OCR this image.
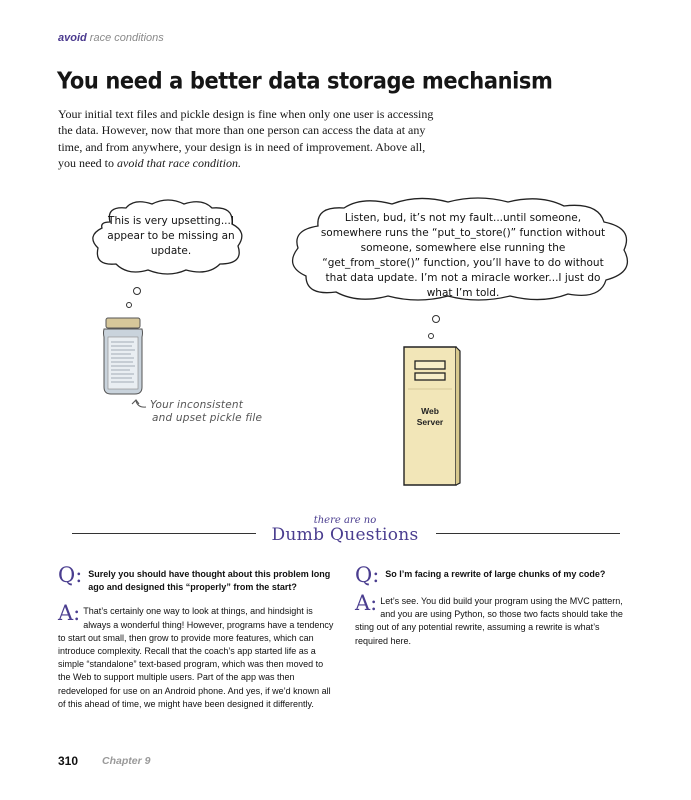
avoid race conditions
You need a better data storage mechanism

Your initial text files and pickle design is fine when only one user is accessing the data. However, now that more than one person can access the data at any time, and from anywhere, your design is in need of improvement. Above all, you need to avoid that race condition.

This is very upsetting...I appear to be missing an update.
Listen, bud, it’s not my fault...until someone, somewhere runs the “put_to_store()” function without someone, somewhere else running the “get_from_store()” function, you’ll have to do without that data update. I’m not a miracle worker...I just do what I’m told.
Your inconsistent
and upset pickle file
Web
Server
there are no
Dumb Questions
Q: Surely you should have thought about this problem long ago and designed this “properly” from the start?
A: That’s certainly one way to look at things, and hindsight is always a wonderful thing! However, programs have a tendency to start out small, then grow to provide more features, which can introduce complexity. Recall that the coach’s app started life as a simple “standalone” text-based program, which was then moved to the Web to support multiple users. Part of the app was then redeveloped for use on an Android phone. And yes, if we’d known all of this ahead of time, we might have been designed it differently.
Q: So I’m facing a rewrite of large chunks of my code?
A: Let’s see. You did build your program using the MVC pattern, and you are using Python, so those two facts should take the sting out of any potential rewrite, assuming a rewrite is what’s required here.
310 Chapter 9
